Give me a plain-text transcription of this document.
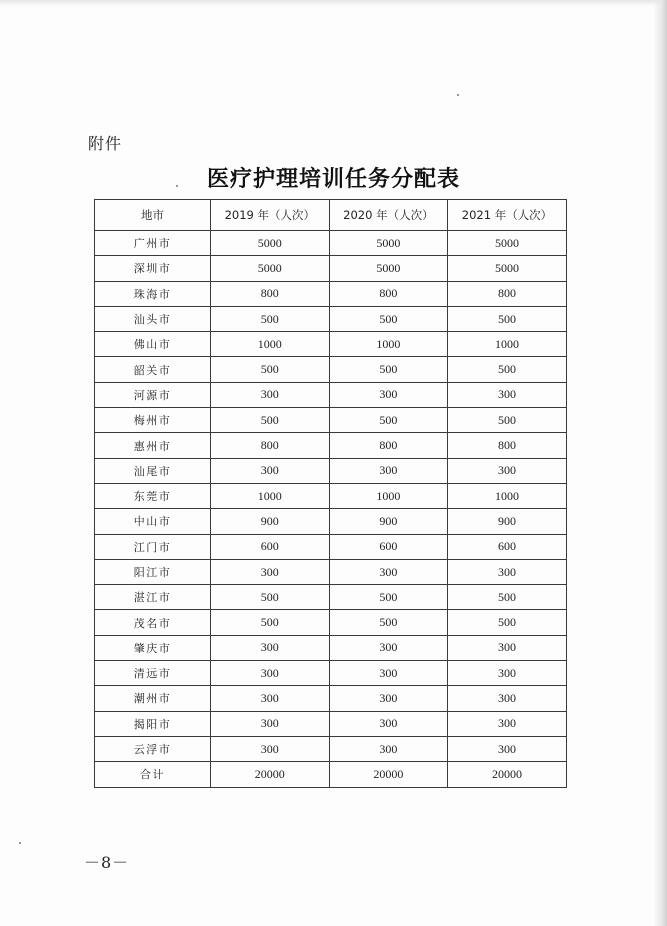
附件
医疗护理培训任务分配表
地市	2019 年（人次）	2020 年（人次）	2021 年（人次）
广州市	5000	5000	5000
深圳市	5000	5000	5000
珠海市	800	800	800
汕头市	500	500	500
佛山市	1000	1000	1000
韶关市	500	500	500
河源市	300	300	300
梅州市	500	500	500
惠州市	800	800	800
汕尾市	300	300	300
东莞市	1000	1000	1000
中山市	900	900	900
江门市	600	600	600
阳江市	300	300	300
湛江市	500	500	500
茂名市	500	500	500
肇庆市	300	300	300
清远市	300	300	300
潮州市	300	300	300
揭阳市	300	300	300
云浮市	300	300	300
合计	20000	20000	20000
－8－
